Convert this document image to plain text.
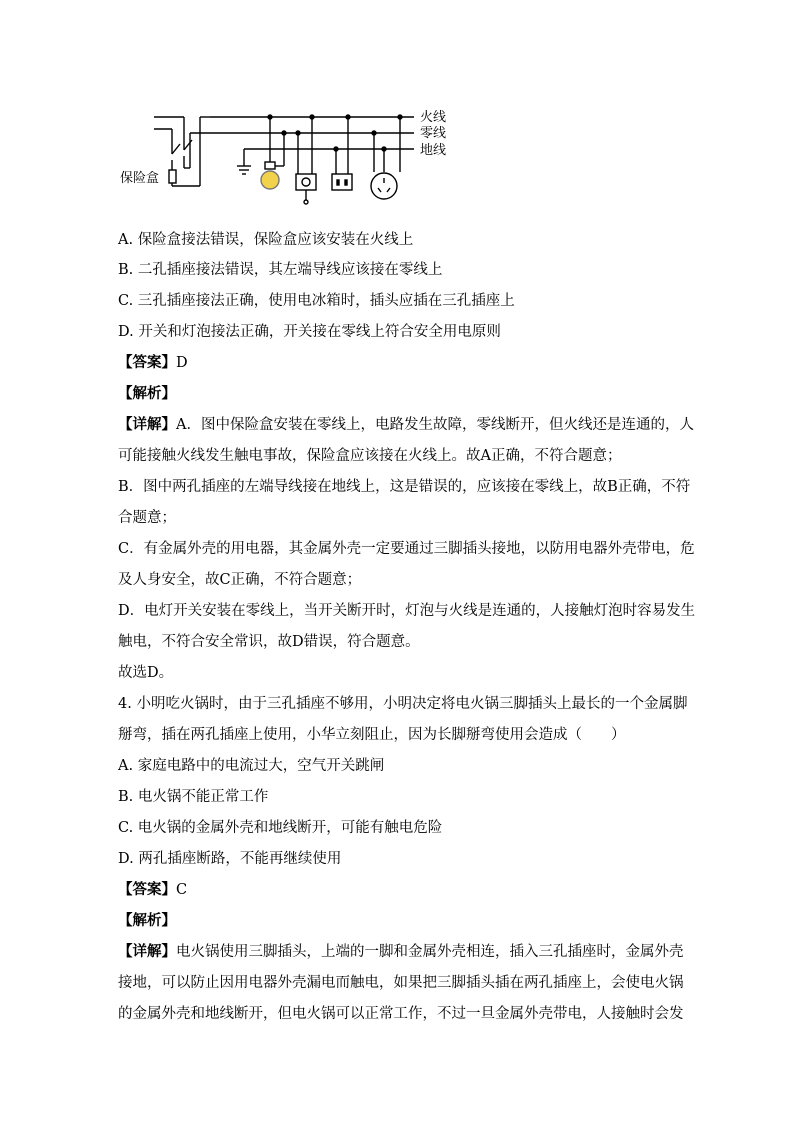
火线
零线
地线
保险盒
A. 保险盒接法错误，保险盒应该安装在火线上
B. 二孔插座接法错误，其左端导线应该接在零线上
C. 三孔插座接法正确，使用电冰箱时，插头应插在三孔插座上
D. 开关和灯泡接法正确，开关接在零线上符合安全用电原则
【答案】D
【解析】
【详解】A．图中保险盒安装在零线上，电路发生故障，零线断开，但火线还是连通的，人
可能接触火线发生触电事故，保险盒应该接在火线上。故A正确，不符合题意；
B．图中两孔插座的左端导线接在地线上，这是错误的，应该接在零线上，故B正确，不符
合题意；
C．有金属外壳的用电器，其金属外壳一定要通过三脚插头接地，以防用电器外壳带电，危
及人身安全，故C正确，不符合题意；
D．电灯开关安装在零线上，当开关断开时，灯泡与火线是连通的，人接触灯泡时容易发生
触电，不符合安全常识，故D错误，符合题意。
故选D。
4. 小明吃火锅时，由于三孔插座不够用，小明决定将电火锅三脚插头上最长的一个金属脚
掰弯，插在两孔插座上使用，小华立刻阻止，因为长脚掰弯使用会造成（　　）
A. 家庭电路中的电流过大，空气开关跳闸
B. 电火锅不能正常工作
C. 电火锅的金属外壳和地线断开，可能有触电危险
D. 两孔插座断路，不能再继续使用
【答案】C
【解析】
【详解】电火锅使用三脚插头，上端的一脚和金属外壳相连，插入三孔插座时，金属外壳
接地，可以防止因用电器外壳漏电而触电，如果把三脚插头插在两孔插座上，会使电火锅
的金属外壳和地线断开，但电火锅可以正常工作，不过一旦金属外壳带电，人接触时会发
